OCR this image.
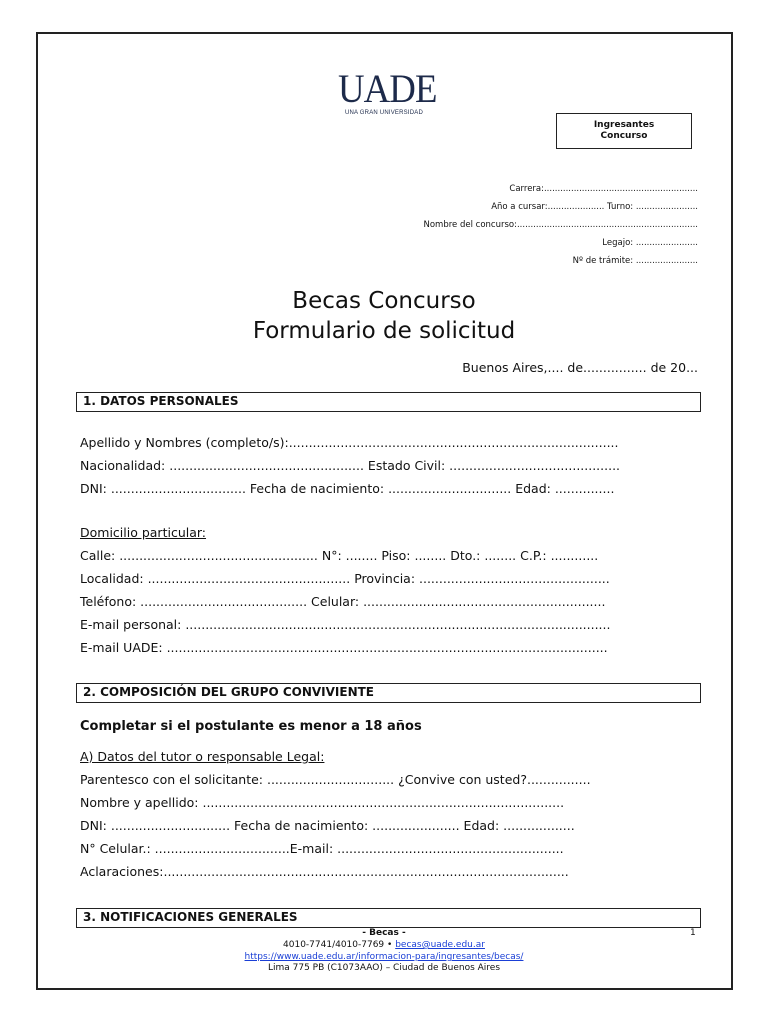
UADE
UNA GRAN UNIVERSIDAD
Ingresantes
Concurso
Carrera:.........................................................
Año a cursar:..................... Turno: .......................
Nombre del concurso:...................................................................
Legajo: .......................
Nº de trámite: .......................
Becas Concurso
Formulario de solicitud
Buenos Aires,.... de................ de 20...
1. DATOS PERSONALES
Apellido y Nombres (completo/s):...................................................................................
Nacionalidad: ................................................. Estado Civil: ...........................................
DNI: .................................. Fecha de nacimiento: ............................... Edad: ...............
Domicilio particular:
Calle: .................................................. N°: ........ Piso: ........ Dto.: ........ C.P.: ............
Localidad: ................................................... Provincia: ................................................
Teléfono: .......................................... Celular: .............................................................
E-mail personal: ...........................................................................................................
E-mail UADE: ...............................................................................................................
2. COMPOSICIÓN DEL GRUPO CONVIVIENTE
Completar si el postulante es menor a 18 años
A) Datos del tutor o responsable Legal:
Parentesco con el solicitante: ................................ ¿Convive con usted?................
Nombre y apellido: ...........................................................................................
DNI: .............................. Fecha de nacimiento: ...................... Edad: ..................
N° Celular.: ..................................E-mail: .........................................................
Aclaraciones:......................................................................................................
3. NOTIFICACIONES GENERALES
- Becas -
4010-7741/4010-7769 • becas@uade.edu.ar
https://www.uade.edu.ar/informacion-para/ingresantes/becas/
Lima 775 PB (C1073AAO) – Ciudad de Buenos Aires
1
